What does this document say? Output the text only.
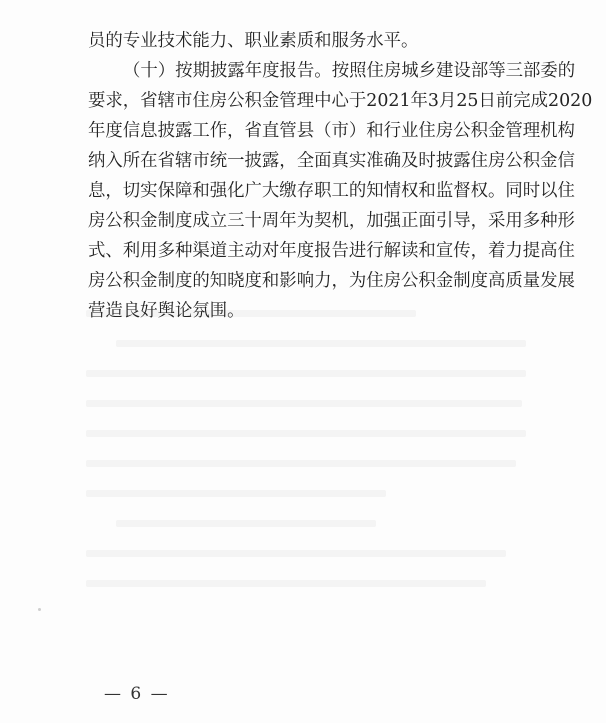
员的专业技术能力、职业素质和服务水平。
（十）按期披露年度报告。按照住房城乡建设部等三部委的
要求，省辖市住房公积金管理中心于2021年3月25日前完成2020
年度信息披露工作，省直管县（市）和行业住房公积金管理机构
纳入所在省辖市统一披露，全面真实准确及时披露住房公积金信
息，切实保障和强化广大缴存职工的知情权和监督权。同时以住
房公积金制度成立三十周年为契机，加强正面引导，采用多种形
式、利用多种渠道主动对年度报告进行解读和宣传，着力提高住
房公积金制度的知晓度和影响力，为住房公积金制度高质量发展
营造良好舆论氛围。
— 6 —
